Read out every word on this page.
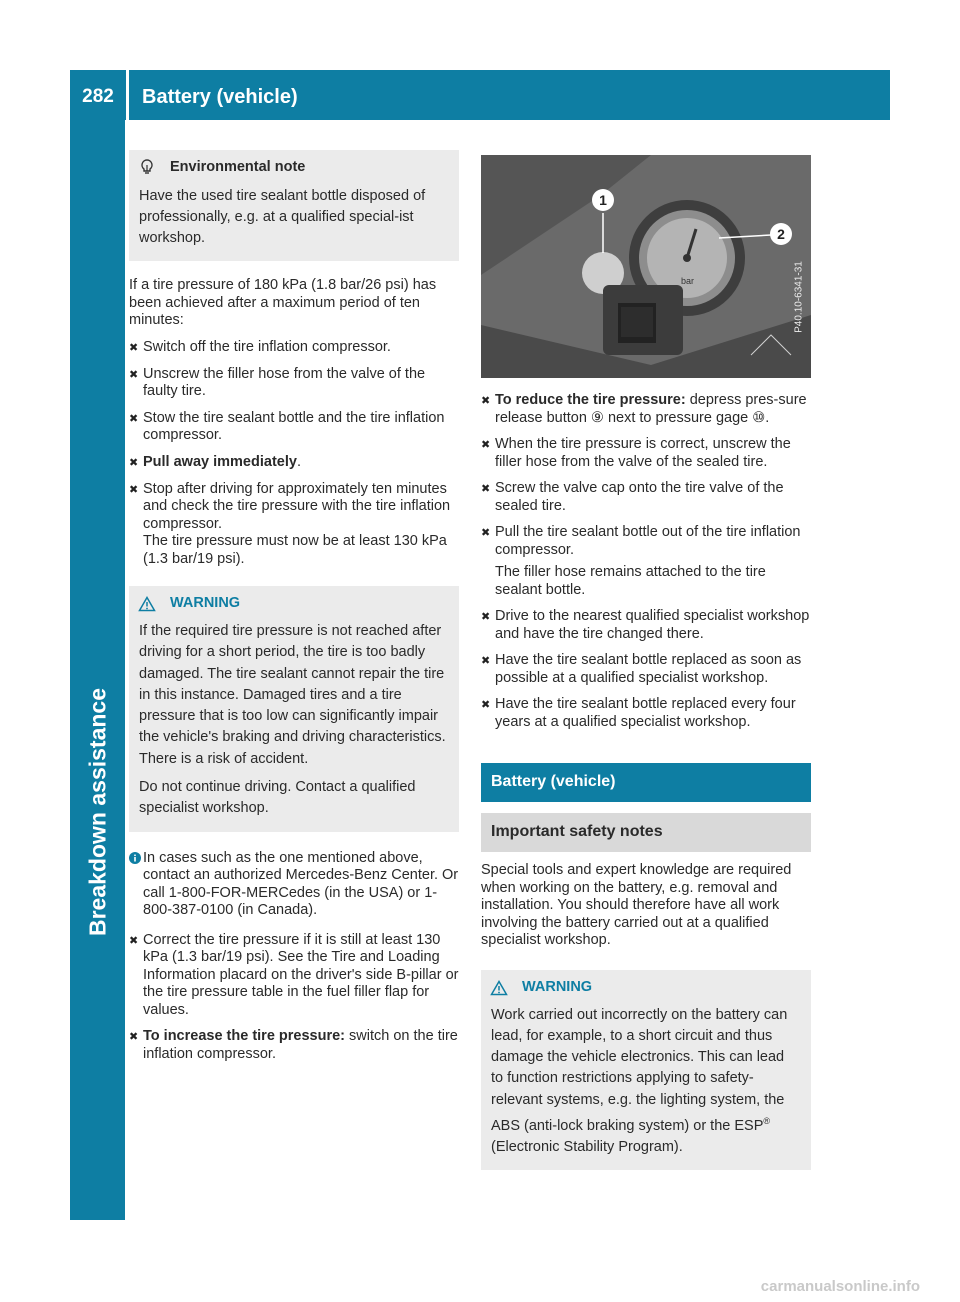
282	Battery (vehicle)
Breakdown assistance
Environmental note

Have the used tire sealant bottle disposed of professionally, e.g. at a qualified special-ist workshop.

If a tire pressure of 180 kPa (1.8 bar/26 psi) has been achieved after a maximum period of ten minutes:

✖ Switch off the tire inflation compressor.
✖ Unscrew the filler hose from the valve of the faulty tire.
✖ Stow the tire sealant bottle and the tire inflation compressor.
✖ Pull away immediately.
✖ Stop after driving for approximately ten minutes and check the tire pressure with the tire inflation compressor.
The tire pressure must now be at least 130 kPa (1.3 bar/19 psi).
WARNING

If the required tire pressure is not reached after driving for a short period, the tire is too badly damaged. The tire sealant cannot repair the tire in this instance. Damaged tires and a tire pressure that is too low can significantly impair the vehicle's braking and driving characteristics. There is a risk of accident.

Do not continue driving. Contact a qualified specialist workshop.

In cases such as the one mentioned above, contact an authorized Mercedes-Benz Center. Or call 1-800-FOR-MERCedes (in the USA) or 1-800-387-0100 (in Canada).
✖ Correct the tire pressure if it is still at least 130 kPa (1.3 bar/19 psi). See the Tire and Loading Information placard on the driver's side B-pillar or the tire pressure table in the fuel filler flap for values.
✖ To increase the tire pressure: switch on the tire inflation compressor.
1
2
bar	P40.10-6341-31
✖ To reduce the tire pressure: depress pres-sure release button ⑨ next to pressure gage ⑩.
✖ When the tire pressure is correct, unscrew the filler hose from the valve of the sealed tire.
✖ Screw the valve cap onto the tire valve of the sealed tire.
✖ Pull the tire sealant bottle out of the tire inflation compressor.
The filler hose remains attached to the tire sealant bottle.
✖ Drive to the nearest qualified specialist workshop and have the tire changed there.
✖ Have the tire sealant bottle replaced as soon as possible at a qualified specialist workshop.
✖ Have the tire sealant bottle replaced every four years at a qualified specialist workshop.
Battery (vehicle)
Important safety notes

Special tools and expert knowledge are required when working on the battery, e.g. removal and installation. You should therefore have all work involving the battery carried out at a qualified specialist workshop.

WARNING

Work carried out incorrectly on the battery can lead, for example, to a short circuit and thus damage the vehicle electronics. This can lead to function restrictions applying to safety-relevant systems, e.g. the lighting system, the ABS (anti-lock braking system) or the ESP® (Electronic Stability Program).

carmanualsonline.info
